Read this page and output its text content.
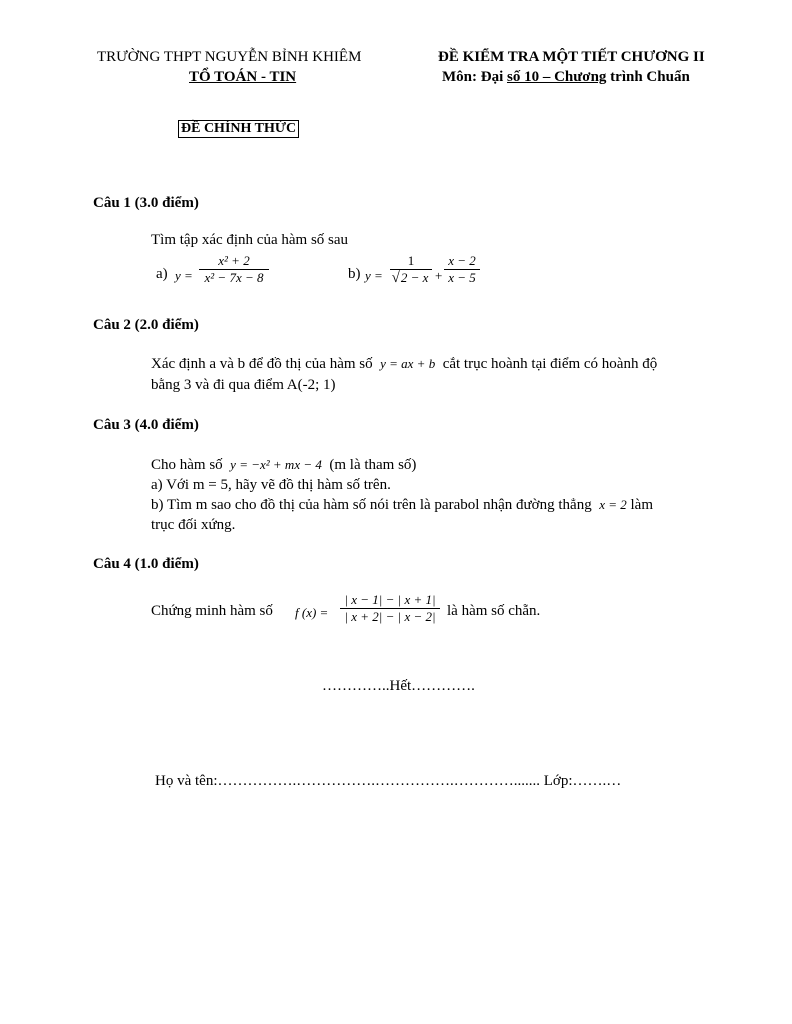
TRƯỜNG THPT NGUYỄN BỈNH KHIÊM
TỔ TOÁN - TIN
ĐỀ KIỂM TRA MỘT TIẾT CHƯƠNG II
Môn: Đại số 10 – Chương trình Chuẩn
ĐỀ CHÍNH THỨC
Câu 1 (3.0 điểm)
Tìm tập xác định của hàm số sau
a) y =
x² + 2
x² − 7x − 8	b) y =
1
√2 − x +
x − 2
x − 5
Câu 2 (2.0 điểm)
Xác định a và b để đồ thị của hàm số y = ax + b cắt trục hoành tại điểm có hoành độ
bằng 3 và đi qua điểm A(-2; 1)
Câu 3 (4.0 điểm)
Cho hàm số y = −x² + mx − 4 (m là tham số)
a) Với m = 5, hãy vẽ đồ thị hàm số trên.
b) Tìm m sao cho đồ thị của hàm số nói trên là parabol nhận đường thẳng x = 2 làm
trục đối xứng.
Câu 4 (1.0 điểm)
Chứng minh hàm số f (x) =
| x − 1| − | x + 1|
| x + 2| − | x − 2| là hàm số chẵn.
…………..Hết………….
Họ và tên:…………….…………….…………….…………....... Lớp:…….…
